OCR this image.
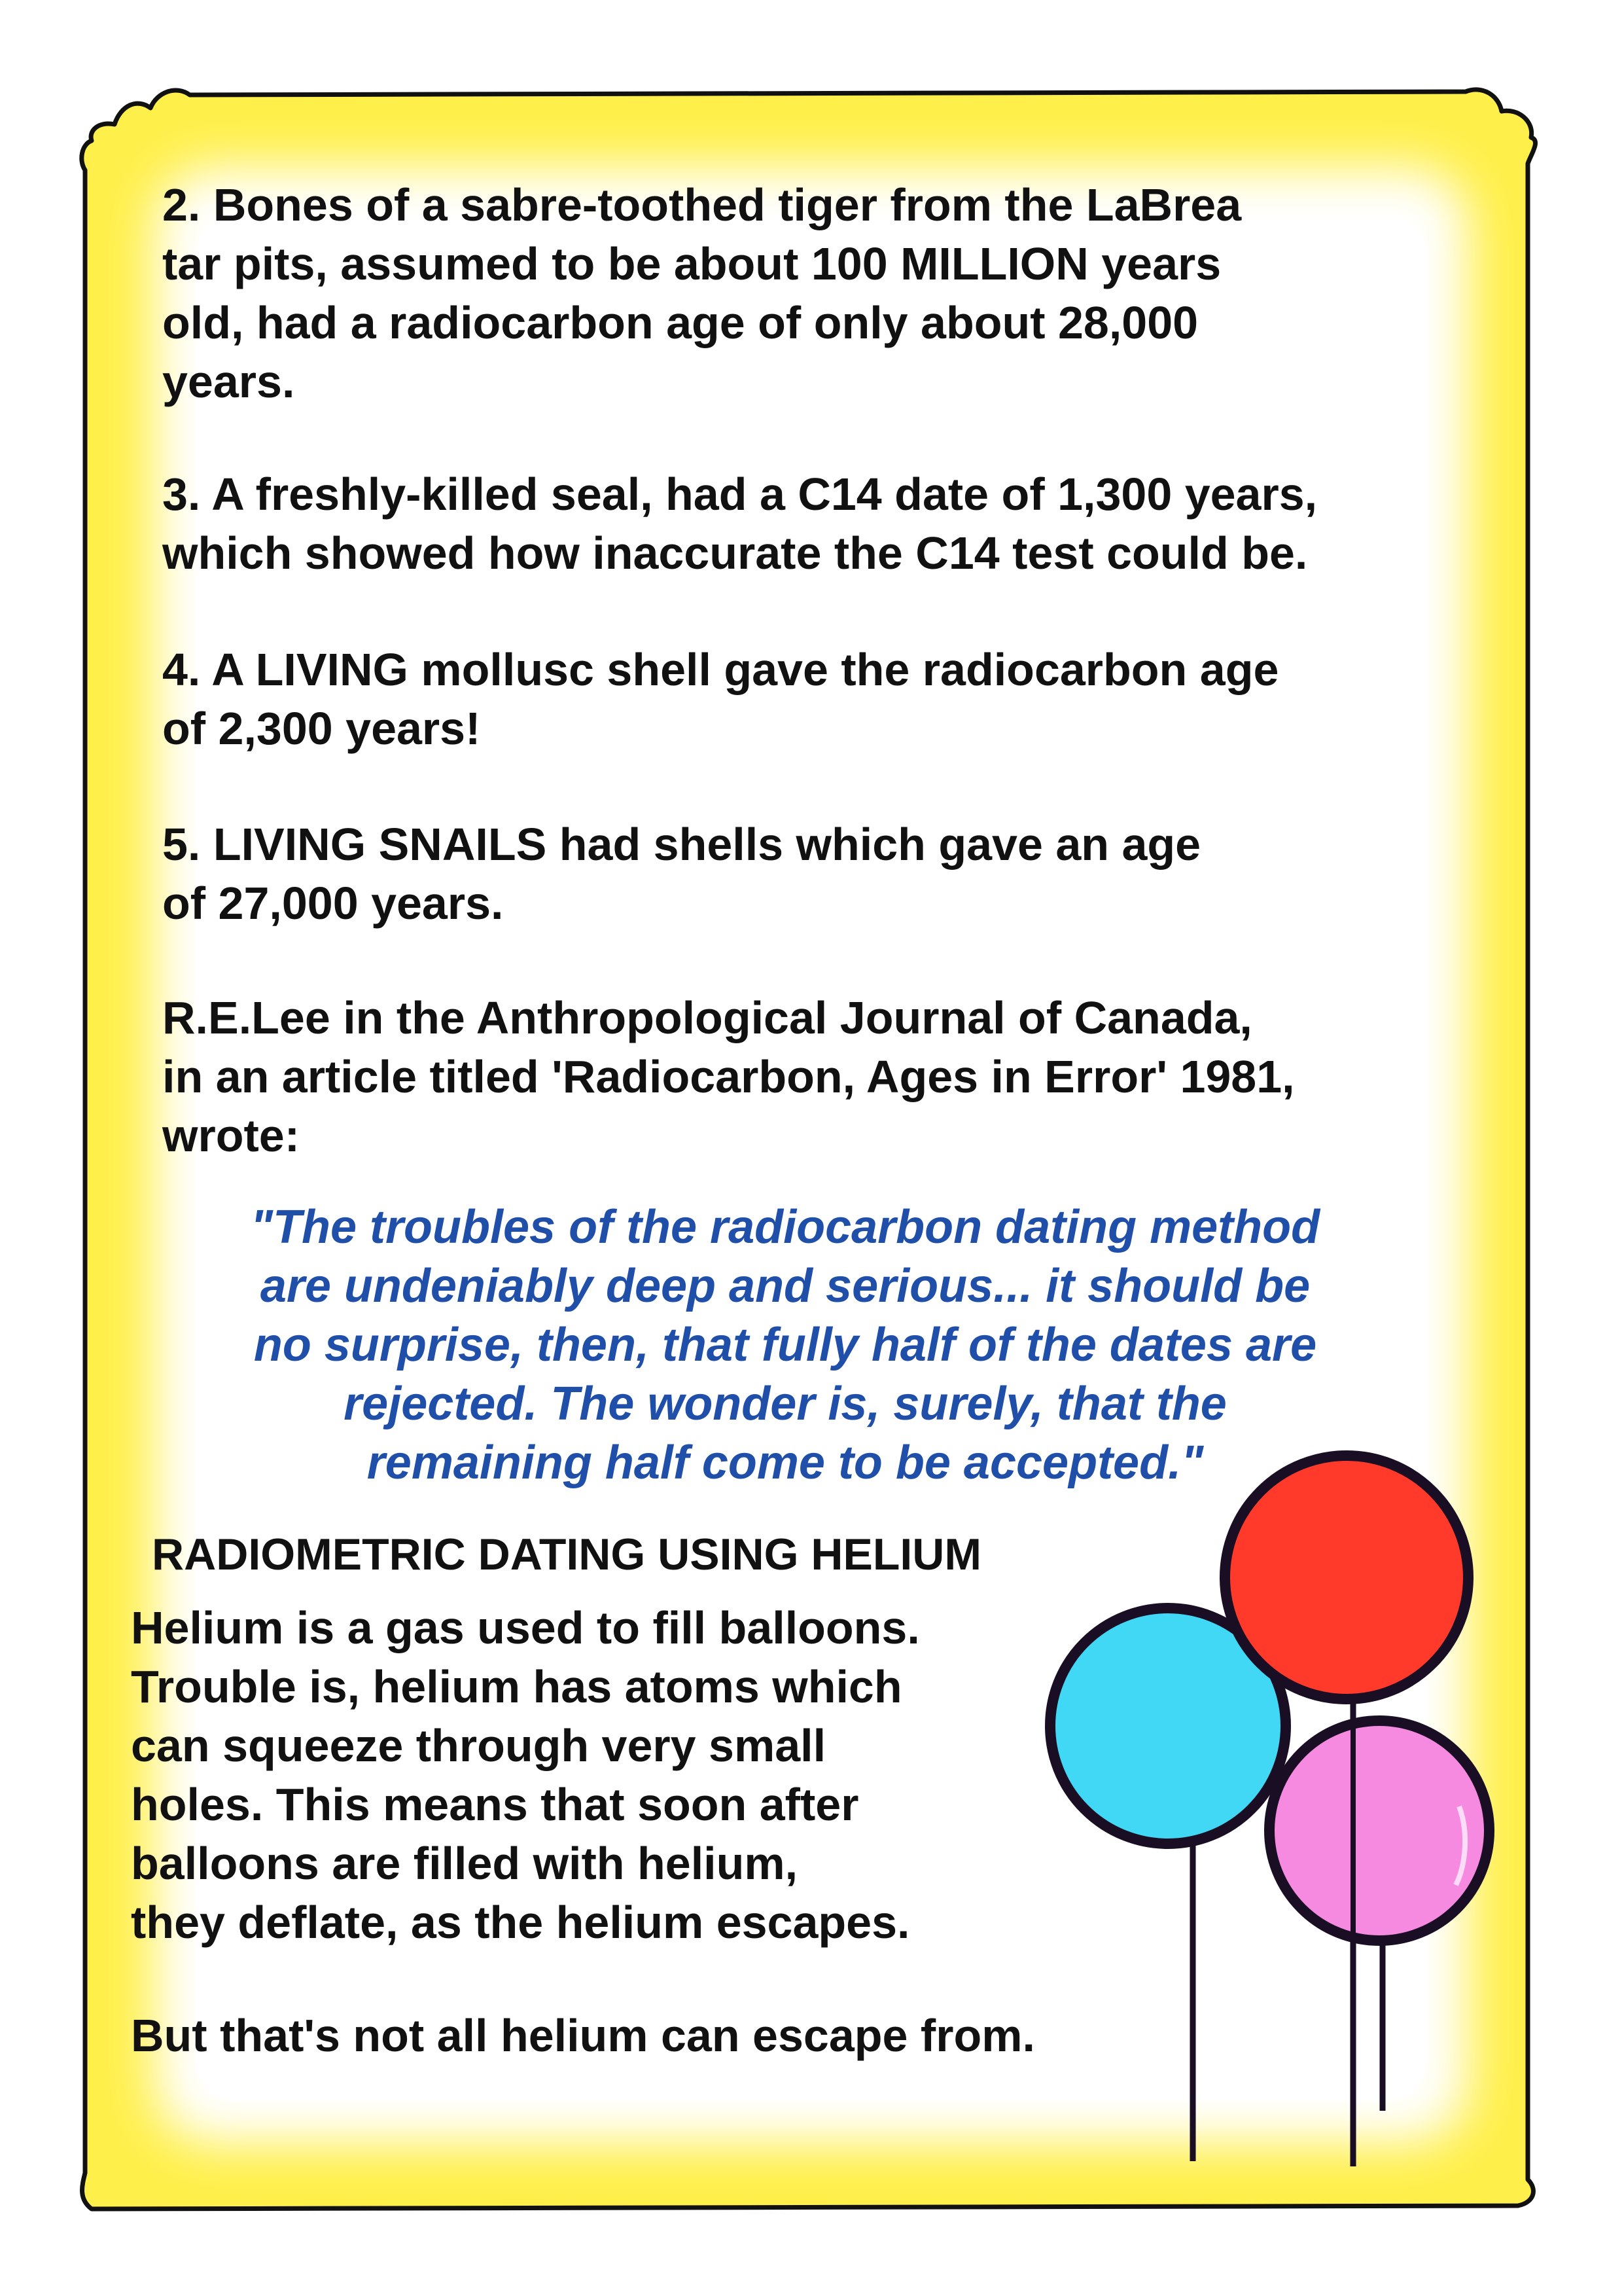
2. Bones of a sabre-toothed tiger from the LaBrea
tar pits, assumed to be about 100 MILLION years
old, had a radiocarbon age of only about 28,000
years.

3. A freshly-killed seal, had a C14 date of 1,300 years,
which showed how inaccurate the C14 test could be.

4. A LIVING mollusc shell gave the radiocarbon age
of 2,300 years!

5. LIVING SNAILS had shells which gave an age
of 27,000 years.

R.E.Lee in the Anthropological Journal of Canada,
in an article titled 'Radiocarbon, Ages in Error' 1981,
wrote:

"The troubles of the radiocarbon dating method
are undeniably deep and serious... it should be
no surprise, then, that fully half of the dates are
rejected. The wonder is, surely, that the
remaining half come to be accepted."

RADIOMETRIC DATING USING HELIUM

Helium is a gas used to fill balloons.
Trouble is, helium has atoms which
can squeeze through very small
holes. This means that soon after
balloons are filled with helium,
they deflate, as the helium escapes.

But that's not all helium can escape from.
